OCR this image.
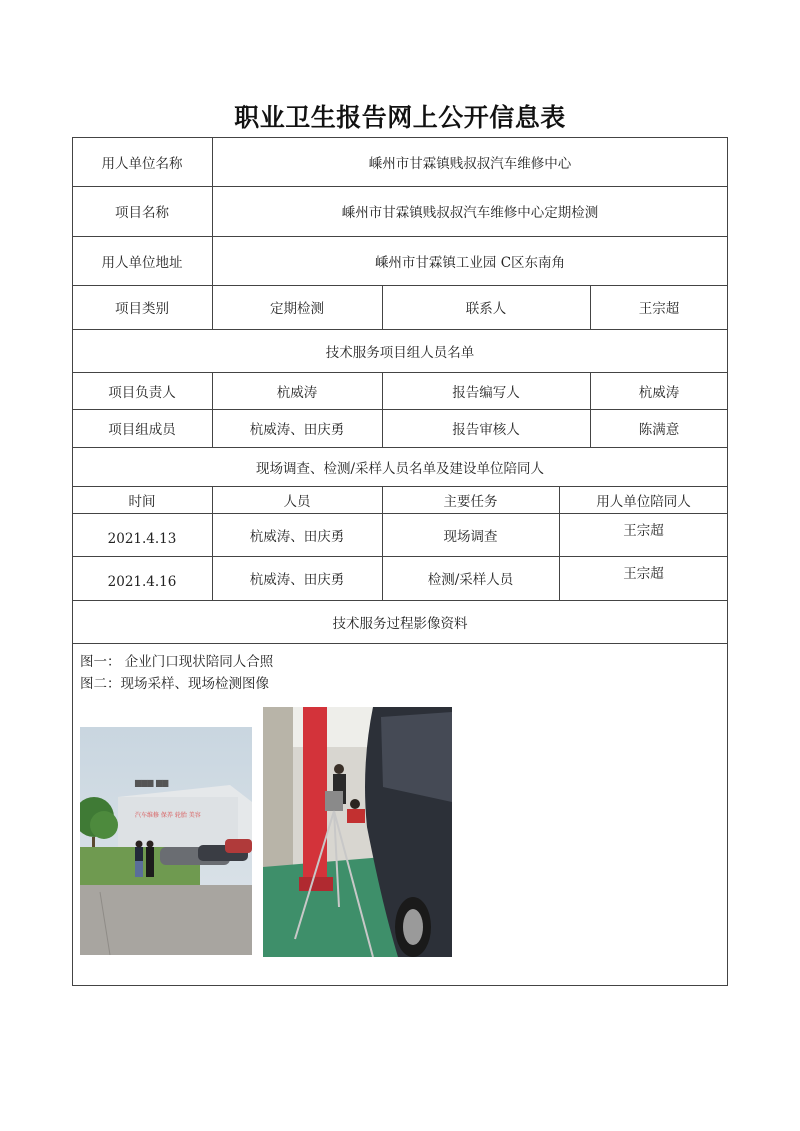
职业卫生报告网上公开信息表
用人单位名称	嵊州市甘霖镇贱叔叔汽车维修中心
项目名称	嵊州市甘霖镇贱叔叔汽车维修中心定期检测
用人单位地址	嵊州市甘霖镇工业园 C区东南角
项目类别	定期检测	联系人	王宗超
技术服务项目组人员名单
项目负责人	杭威涛	报告编写人	杭威涛
项目组成员	杭威涛、田庆勇	报告审核人	陈满意
现场调查、检测/采样人员名单及建设单位陪同人
时间	人员	主要任务	用人单位陪同人
2021.4.13	杭威涛、田庆勇	现场调查	王宗超
2021.4.16	杭威涛、田庆勇	检测/采样人员	王宗超
技术服务过程影像资料
图一： 企业门口现状陪同人合照
图二：现场采样、现场检测图像
汽车维修 保养 轮胎 美容
▆▆▆ ▆▆
